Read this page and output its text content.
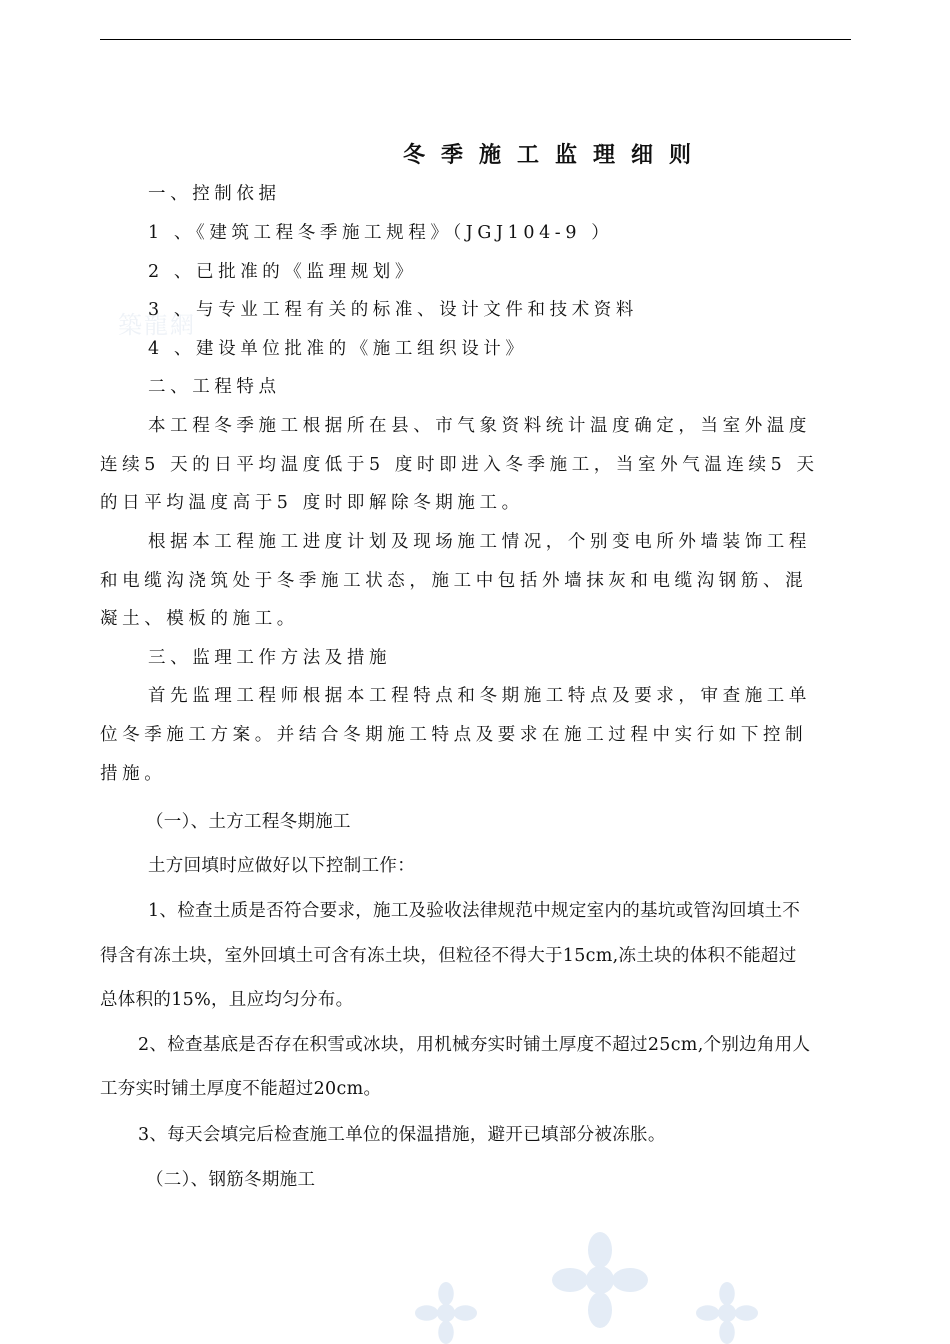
築龍網
冬季施工监理细则
一、控制依据
1 、《建筑工程冬季施工规程》（JGJ104-9 ）
2 、已批准的《监理规划》
3 、与专业工程有关的标准、设计文件和技术资料
4 、建设单位批准的《施工组织设计》
二、工程特点
本工程冬季施工根据所在县、市气象资料统计温度确定，当室外温度
连续5 天的日平均温度低于5 度时即进入冬季施工，当室外气温连续5 天
的日平均温度高于5 度时即解除冬期施工。
根据本工程施工进度计划及现场施工情况，个别变电所外墙装饰工程
和电缆沟浇筑处于冬季施工状态，施工中包括外墙抹灰和电缆沟钢筋、混
凝土、模板的施工。
三、监理工作方法及措施
首先监理工程师根据本工程特点和冬期施工特点及要求，审查施工单
位冬季施工方案。并结合冬期施工特点及要求在施工过程中实行如下控制
措施。
（一）、土方工程冬期施工
土方回填时应做好以下控制工作：
1、检查土质是否符合要求，施工及验收法律规范中规定室内的基坑或管沟回填土不
得含有冻土块，室外回填土可含有冻土块，但粒径不得大于15cm,冻土块的体积不能超过
总体积的15%，且应均匀分布。
2、检查基底是否存在积雪或冰块，用机械夯实时铺土厚度不超过25cm,个别边角用人
工夯实时铺土厚度不能超过20cm。
3、每天会填完后检查施工单位的保温措施，避开已填部分被冻胀。
（二）、钢筋冬期施工
